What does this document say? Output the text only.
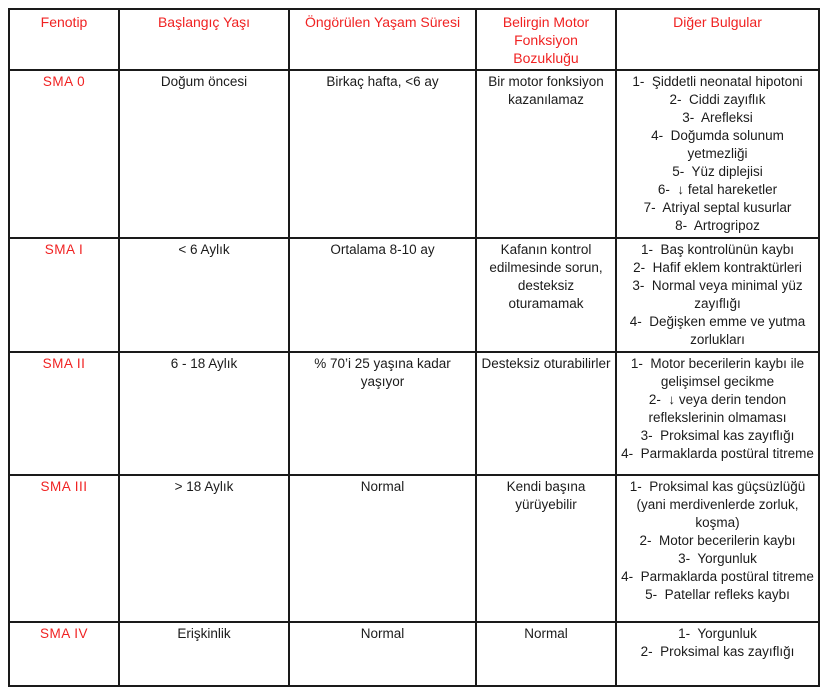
Fenotip	Başlangıç Yaşı	Öngörülen Yaşam Süresi	Belirgin Motor Fonksiyon Bozukluğu	Diğer Bulgular
SMA 0	Doğum öncesi	Birkaç hafta, <6 ay	Bir motor fonksiyon kazanılamaz	
1-  Şiddetli neonatal hipotoni
2-  Ciddi zayıflık
3-  Arefleksi
4-  Doğumda solunum yetmezliği
5-  Yüz diplejisi
6-  ↓ fetal hareketler
7-  Atriyal septal kusurlar
8-  Artrogripoz

SMA I	< 6 Aylık	Ortalama 8-10 ay	Kafanın kontrol edilmesinde sorun, desteksiz oturamamak	1-  Baş kontrolünün kaybı
2-  Hafif eklem kontraktürleri
3-  Normal veya minimal yüz zayıflığı
4-  Değişken emme ve yutma zorlukları

SMA II	6 - 18 Aylık	% 70’i 25 yaşına kadar yaşıyor	Desteksiz oturabilirler	1-  Motor becerilerin kaybı ile gelişimsel gecikme
2-  ↓ veya derin tendon reflekslerinin olmaması
3-  Proksimal kas zayıflığı
4-  Parmaklarda postüral titreme

SMA III	> 18 Aylık	Normal	Kendi başına yürüyebilir	1-  Proksimal kas güçsüzlüğü (yani merdivenlerde zorluk, koşma)
2-  Motor becerilerin kaybı
3-  Yorgunluk
4-  Parmaklarda postüral titreme
5-  Patellar refleks kaybı

SMA IV	Erişkinlik	Normal	Normal	1-  Yorgunluk
2-  Proksimal kas zayıflığı
